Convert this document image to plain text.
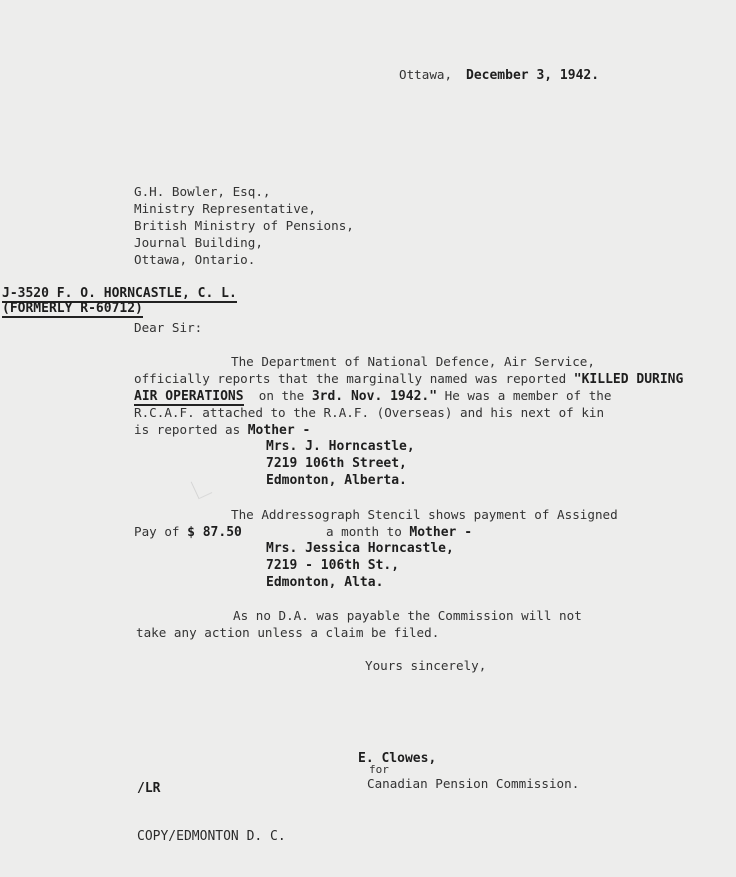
Ottawa, December 3, 1942.
G.H. Bowler, Esq.,
Ministry Representative,
British Ministry of Pensions,
Journal Building,
Ottawa, Ontario.
J-3520 F. O. HORNCASTLE, C. L.
(FORMERLY R-60712)
Dear Sir:
The Department of National Defence, Air Service,
officially reports that the marginally named was reported "KILLED DURING
AIR OPERATIONS  on the 3rd. Nov. 1942." He was a member of the
R.C.A.F. attached to the R.A.F. (Overseas) and his next of kin
is reported as Mother -
Mrs. J. Horncastle,
7219 106th Street,
Edmonton, Alberta.
The Addressograph Stencil shows payment of Assigned
Pay of $ 87.50	a month to Mother -
Mrs. Jessica Horncastle,
7219 - 106th St.,
Edmonton, Alta.
As no D.A. was payable the Commission will not
take any action unless a claim be filed.
Yours sincerely,
E. Clowes,
for
Canadian Pension Commission.
/LR
COPY/EDMONTON D. C.
